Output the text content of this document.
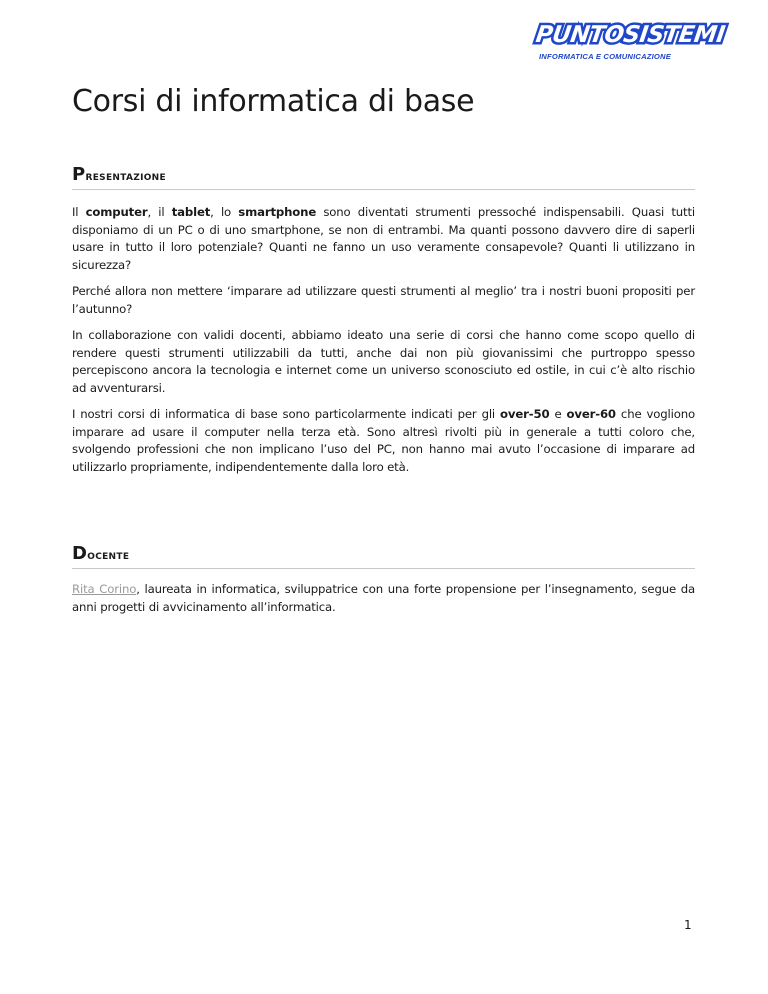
PUNTOSISTEMI
INFORMATICA E COMUNICAZIONE
Corsi di informatica di base
Presentazione

Il computer, il tablet, lo smartphone sono diventati strumenti pressoché indispensabili. Quasi tutti disponiamo di un PC o di uno smartphone, se non di entrambi. Ma quanti possono davvero dire di saperli usare in tutto il loro potenziale? Quanti ne fanno un uso veramente consapevole? Quanti li utilizzano in sicurezza?

Perché allora non mettere ‘imparare ad utilizzare questi strumenti al meglio’ tra i nostri buoni propositi per l’autunno?

In collaborazione con validi docenti, abbiamo ideato una serie di corsi che hanno come scopo quello di rendere questi strumenti utilizzabili da tutti, anche dai non più giovanissimi che purtroppo spesso percepiscono ancora la tecnologia e internet come un universo sconosciuto ed ostile, in cui c’è alto rischio ad avventurarsi.

I nostri corsi di informatica di base sono particolarmente indicati per gli over-50 e over-60 che vogliono imparare ad usare il computer nella terza età. Sono altresì rivolti più in generale a tutti coloro che, svolgendo professioni che non implicano l’uso del PC, non hanno mai avuto l’occasione di imparare ad utilizzarlo propriamente, indipendentemente dalla loro età.

Docente

Rita Corino, laureata in informatica, sviluppatrice con una forte propensione per l’insegnamento, segue da anni progetti di avvicinamento all’informatica.

1
